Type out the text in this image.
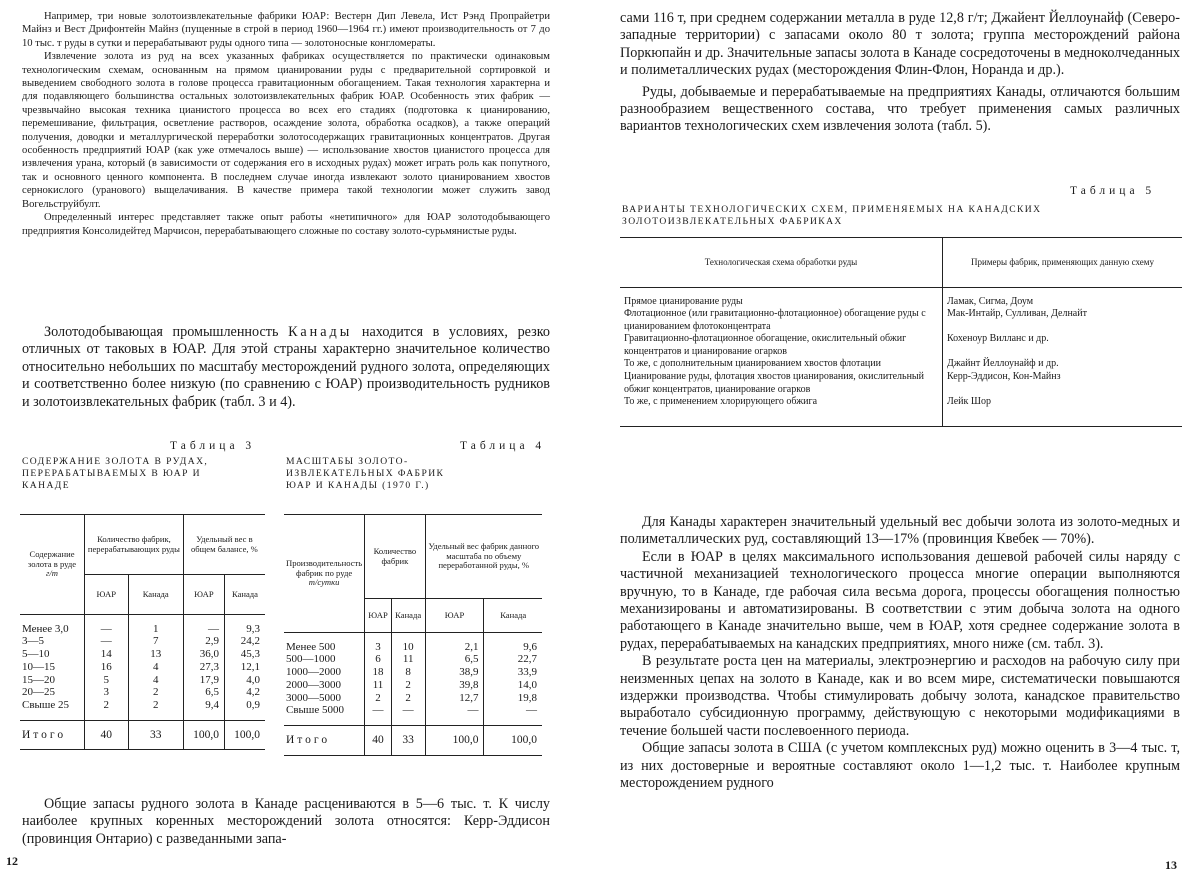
Например, три новые золотоизвлекательные фабрики ЮАР: Вестерн Дип Левела, Ист Рэнд Пропрайетри Майнз и Вест Дрифонтейн Майнз (пущенные в строй в период 1960—1964 гг.) имеют производительность от 7 до 10 тыс. т руды в сутки и перерабатывают руды одного типа — золотоносные конгломераты.

Извлечение золота из руд на всех указанных фабриках осуществляется по практически одинаковым технологическим схемам, основанным на прямом цианировании руды с предварительной сортировкой и выведением свободного золота в голове процесса гравитационным обогащением. Такая технология характерна и для подавляющего большинства остальных золотоизвлекательных фабрик ЮАР. Особенность этих фабрик — чрезвычайно высокая техника цианистого процесса во всех его стадиях (подготовка к цианированию, перемешивание, фильтрация, осветление растворов, осаждение золота, обработка осадков), а также операций получения, доводки и металлургической переработки золотосодержащих гравитационных концентратов. Другая особенность предприятий ЮАР (как уже отмечалось выше) — использование хвостов цианистого процесса для извлечения урана, который (в зависимости от содержания его в исходных рудах) может играть роль как попутного, так и основного ценного компонента. В последнем случае иногда извлекают золото цианированием хвостов сернокислого (уранового) выщелачивания. В качестве примера такой технологии может служить завод Вогельструйбулт.

Определенный интерес представляет также опыт работы «нетипичного» для ЮАР золотодобывающего предприятия Консолидейтед Марчисон, перерабатывающего сложные по составу золото-сурьмянистые руды.

Золотодобывающая промышленность Канады находится в условиях, резко отличных от таковых в ЮАР. Для этой страны характерно значительное количество относительно небольших по масштабу месторождений рудного золота, определяющих и соответственно более низкую (по сравнению с ЮАР) производительность рудников и золотоизвлекательных фабрик (табл. 3 и 4).

Таблица 3
СОДЕРЖАНИЕ ЗОЛОТА В РУДАХ, ПЕРЕРАБАТЫВАЕМЫХ В ЮАР И КАНАДЕ
Содержание золота в руде
г/т	Количество фабрик, перерабатывающих руды		Удельный вес в общем балансе, %	
	ЮАР	Канада	ЮАР	Канада

Менее 3,0	—	1	—	9,3
3—5	—	7	2,9	24,2
5—10	14	13	36,0	45,3
10—15	16	4	27,3	12,1
15—20	5	4	17,9	4,0
20—25	3	2	6,5	4,2
Свыше 25	2	2	9,4	0,9

Итого	40	33	100,0	100,0
Таблица 4
МАСШТАБЫ ЗОЛОТО-ИЗВЛЕКАТЕЛЬНЫХ ФАБРИК ЮАР И КАНАДЫ (1970 Г.)
Производительность фабрик по руде
т/сутки	Количество фабрик		Удельный вес фабрик данного масштаба по объему переработанной руды, %	
	ЮАР	Канада	ЮАР	Канада

Менее 500	3	10	2,1	9,6
500—1000	6	11	6,5	22,7
1000—2000	18	8	38,9	33,9
2000—3000	11	2	39,8	14,0
3000—5000	2	2	12,7	19,8
Свыше 5000	—	—	—	—

Итого	40	33	100,0	100,0

Общие запасы рудного золота в Канаде расцениваются в 5—6 тыс. т. К числу наиболее крупных коренных месторождений золота относятся: Керр-Эддисон (провинция Онтарио) с разведанными запа-

12

сами 116 т, при среднем содержании металла в руде 12,8 г/т; Джайент Йеллоунайф (Северо-западные территории) с запасами около 80 т золота; группа месторождений района Поркюпайн и др. Значительные запасы золота в Канаде сосредоточены в медноколчеданных и полиметаллических рудах (месторождения Флин-Флон, Норанда и др.).

Руды, добываемые и перерабатываемые на предприятиях Канады, отличаются большим разнообразием вещественного состава, что требует применения самых различных вариантов технологических схем извлечения золота (табл. 5).

Таблица 5
ВАРИАНТЫ ТЕХНОЛОГИЧЕСКИХ СХЕМ, ПРИМЕНЯЕМЫХ НА КАНАДСКИХ ЗОЛОТОИЗВЛЕКАТЕЛЬНЫХ ФАБРИКАХ
Технологическая схема обработки руды	Примеры фабрик, применяющих данную схему

Прямое цианирование руды	Ламак, Сигма, Доум
Флотационное (или гравитационно-флотационное) обогащение руды с цианированием флотоконцентрата	Мак-Интайр, Сулливан, Делнайт
Гравитационно-флотационное обогащение, окислительный обжиг концентратов и цианирование огарков	Кохеноур Вилланс и др.
То же, с дополнительным цианированием хвостов флотации	Джайнт Йеллоунайф и др.
Цианирование руды, флотация хвостов цианирования, окислительный обжиг концентратов, цианирование огарков	Керр-Эддисон, Кон-Майнз
То же, с применением хлорирующего обжига	Лейк Шор

Для Канады характерен значительный удельный вес добычи золота из золото-медных и полиметаллических руд, составляющий 13—17% (провинция Квебек — 70%).

Если в ЮАР в целях максимального использования дешевой рабочей силы наряду с частичной механизацией технологического процесса многие операции выполняются вручную, то в Канаде, где рабочая сила весьма дорога, процессы обогащения полностью механизированы и автоматизированы. В соответствии с этим добыча золота на одного работающего в Канаде значительно выше, чем в ЮАР, хотя среднее содержание золота в рудах, перерабатываемых на канадских предприятиях, много ниже (см. табл. 3).

В результате роста цен на материалы, электроэнергию и расходов на рабочую силу при неизменных цепах на золото в Канаде, как и во всем мире, систематически повышаются издержки производства. Чтобы стимулировать добычу золота, канадское правительство выработало субсидионную программу, действующую с некоторыми модификациями в течение большей части послевоенного периода.

Общие запасы золота в США (с учетом комплексных руд) можно оценить в 3—4 тыс. т, из них достоверные и вероятные составляют около 1—1,2 тыс. т. Наиболее крупным месторождением рудного

13
